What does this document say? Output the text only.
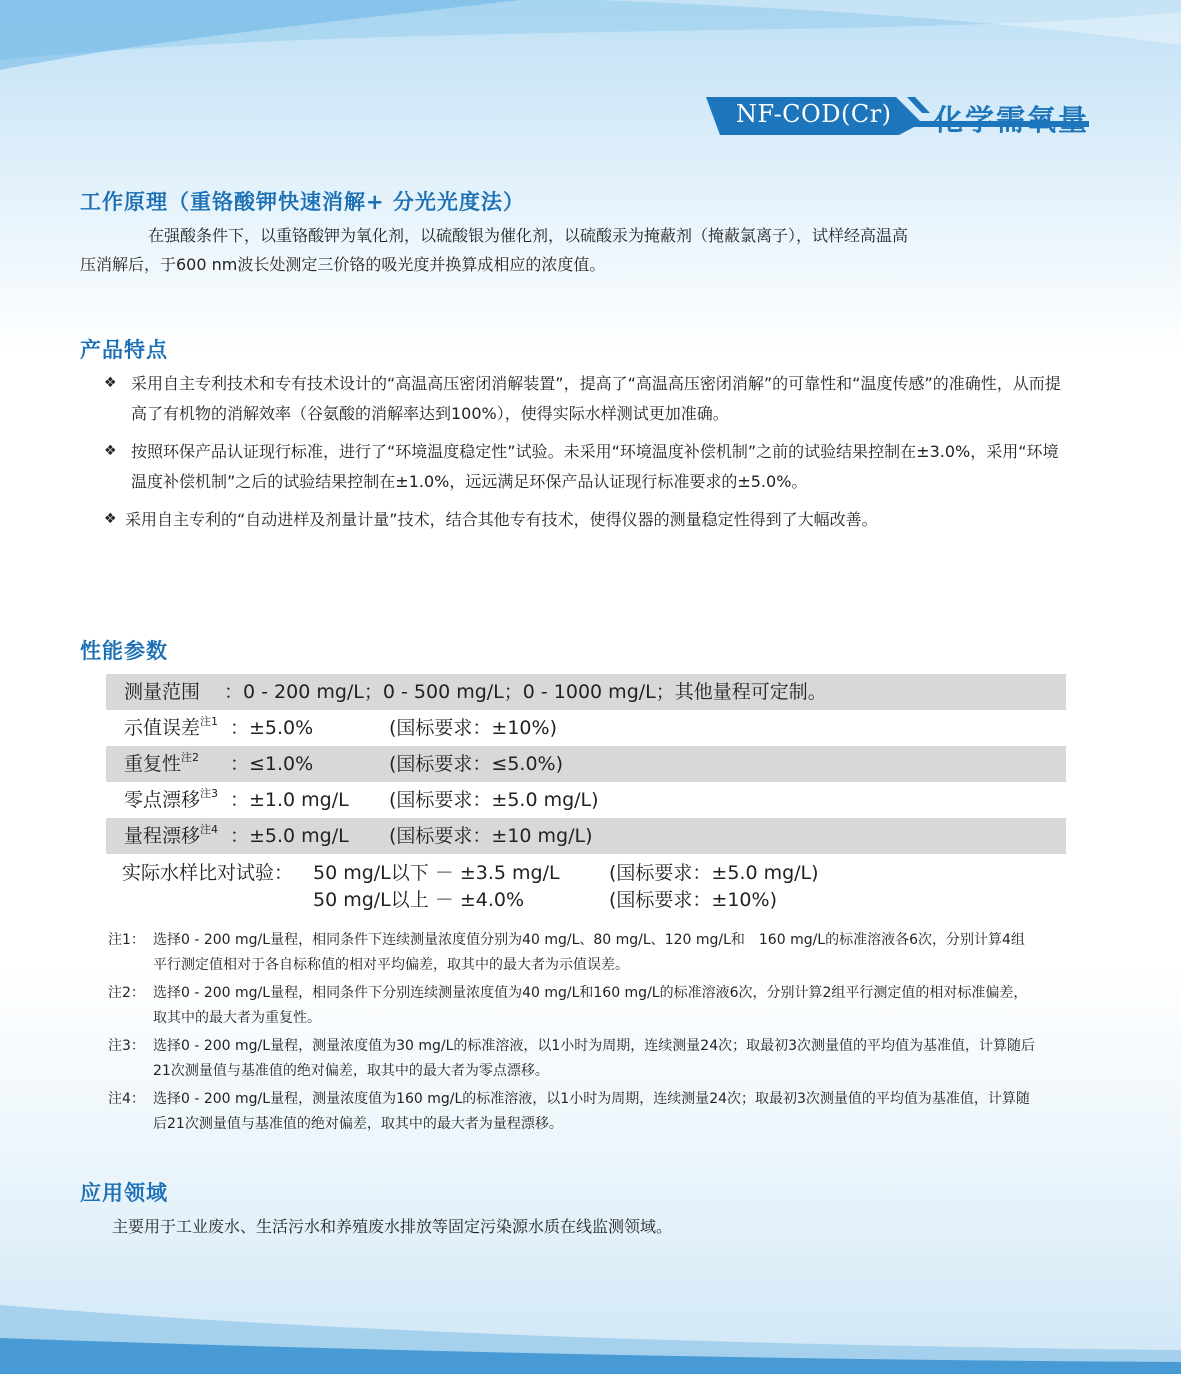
NF-COD(Cr)	化学需氧量
工作原理（重铬酸钾快速消解+ 分光光度法）
在强酸条件下，以重铬酸钾为氧化剂，以硫酸银为催化剂，以硫酸汞为掩蔽剂（掩蔽氯离子），试样经高温高
压消解后，于600 nm波长处测定三价铬的吸光度并换算成相应的浓度值。
产品特点
❖ 采用自主专利技术和专有技术设计的“高温高压密闭消解装置”，提高了“高温高压密闭消解”的可靠性和“温度传感”的准确性，从而提高了有机物的消解效率（谷氨酸的消解率达到100%），使得实际水样测试更加准确。
❖ 按照环保产品认证现行标准，进行了“环境温度稳定性”试验。未采用“环境温度补偿机制”之前的试验结果控制在±3.0%，采用“环境温度补偿机制”之后的试验结果控制在±1.0%，远远满足环保产品认证现行标准要求的±5.0%。
❖ 采用自主专利的“自动进样及剂量计量”技术，结合其他专有技术，使得仪器的测量稳定性得到了大幅改善。
性能参数
测量范围 ：0 - 200 mg/L；0 - 500 mg/L；0 - 1000 mg/L；其他量程可定制。
示值误差$^{注1}$ ：±5.0%	(国标要求：±10%)
重复性$^{注2}$ ：≤1.0%	(国标要求：≤5.0%)
零点漂移$^{注3}$ ：±1.0 mg/L (国标要求：±5.0 mg/L)
量程漂移$^{注4}$ ：±5.0 mg/L (国标要求：±10 mg/L)
实际水样比对试验： 50 mg/L以下 － ±3.5 mg/L	(国标要求：±5.0 mg/L)
50 mg/L以上 － ±4.0%	(国标要求：±10%)
注1： 选择0 - 200 mg/L量程，相同条件下连续测量浓度值分别为40 mg/L、80 mg/L、120 mg/L和　160 mg/L的标准溶液各6次，分别计算4组平行测定值相对于各自标称值的相对平均偏差，取其中的最大者为示值误差。
注2： 选择0 - 200 mg/L量程，相同条件下分别连续测量浓度值为40 mg/L和160 mg/L的标准溶液6次，分别计算2组平行测定值的相对标准偏差，取其中的最大者为重复性。
注3： 选择0 - 200 mg/L量程，测量浓度值为30 mg/L的标准溶液，以1小时为周期，连续测量24次；取最初3次测量值的平均值为基准值，计算随后21次测量值与基准值的绝对偏差，取其中的最大者为零点漂移。
注4： 选择0 - 200 mg/L量程，测量浓度值为160 mg/L的标准溶液，以1小时为周期，连续测量24次；取最初3次测量值的平均值为基准值，计算随后21次测量值与基准值的绝对偏差，取其中的最大者为量程漂移。
应用领域
主要用于工业废水、生活污水和养殖废水排放等固定污染源水质在线监测领域。
